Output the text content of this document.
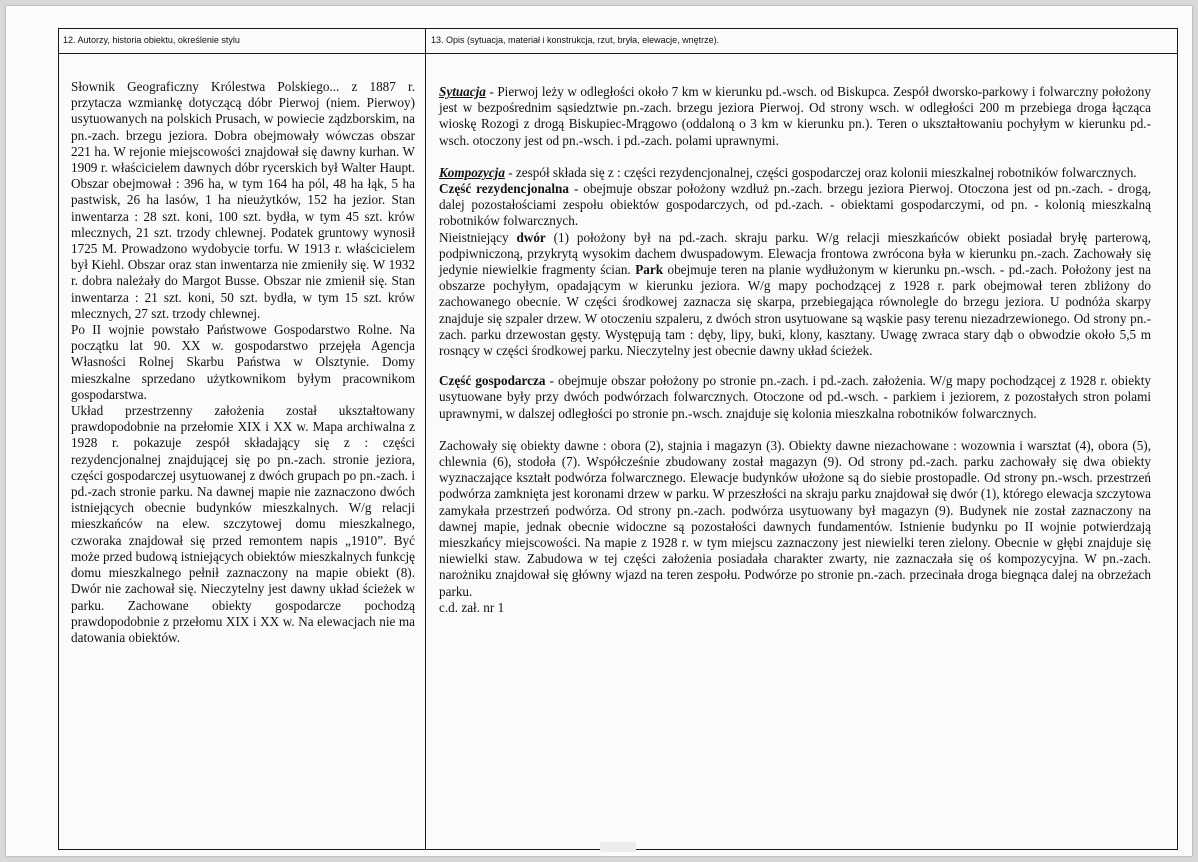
12. Autorzy, historia obiektu, określenie stylu	13. Opis (sytuacja, materiał i konstrukcja, rzut, bryła, elewacje, wnętrze).

Słownik Geograficzny Królestwa Polskiego... z 1887 r. przytacza wzmiankę dotyczącą dóbr Pierwoj (niem. Pierwoy) usytuowanych na polskich Prusach, w powiecie ządzborskim, na pn.-zach. brzegu jeziora. Dobra obejmowały wówczas obszar 221 ha. W rejonie miejscowości znajdował się dawny kurhan. W 1909 r. właścicielem dawnych dóbr rycerskich był Walter Haupt. Obszar obejmował : 396 ha, w tym 164 ha pól, 48 ha łąk, 5 ha pastwisk, 26 ha lasów, 1 ha nieużytków, 152 ha jezior. Stan inwentarza : 28 szt. koni, 100 szt. bydła, w tym 45 szt. krów mlecznych, 21 szt. trzody chlewnej. Podatek gruntowy wynosił 1725 M. Prowadzono wydobycie torfu. W 1913 r. właścicielem był Kiehl. Obszar oraz stan inwentarza nie zmieniły się. W 1932 r. dobra należały do Margot Busse. Obszar nie zmienił się. Stan inwentarza : 21 szt. koni, 50 szt. bydła, w tym 15 szt. krów mlecznych, 27 szt. trzody chlewnej.

Po II wojnie powstało Państwowe Gospodarstwo Rolne. Na początku lat 90. XX w. gospodarstwo przejęła Agencja Własności Rolnej Skarbu Państwa w Olsztynie. Domy mieszkalne sprzedano użytkownikom byłym pracownikom gospodarstwa.

Układ przestrzenny założenia został ukształtowany prawdopodobnie na przełomie XIX i XX w. Mapa archiwalna z 1928 r. pokazuje zespół składający się z : części rezydencjonalnej znajdującej się po pn.-zach. stronie jeziora, części gospodarczej usytuowanej z dwóch grupach po pn.-zach. i pd.-zach stronie parku. Na dawnej mapie nie zaznaczono dwóch istniejących obecnie budynków mieszkalnych. W/g relacji mieszkańców na elew. szczytowej domu mieszkalnego, czworaka znajdował się przed remontem napis „1910”. Być może przed budową istniejących obiektów mieszkalnych funkcję domu mieszkalnego pełnił zaznaczony na mapie obiekt (8). Dwór nie zachował się. Nieczytelny jest dawny układ ścieżek w parku. Zachowane obiekty gospodarcze pochodzą prawdopodobnie z przełomu XIX i XX w. Na elewacjach nie ma datowania obiektów.

Sytuacja - Pierwoj leży w odległości około 7 km w kierunku pd.-wsch. od Biskupca. Zespół dworsko-parkowy i folwarczny położony jest w bezpośrednim sąsiedztwie pn.-zach. brzegu jeziora Pierwoj. Od strony wsch. w odległości 200 m przebiega droga łącząca wioskę Rozogi z drogą Biskupiec-Mrągowo (oddaloną o 3 km w kierunku pn.). Teren o ukształtowaniu pochyłym w kierunku pd.-wsch. otoczony jest od pn.-wsch. i pd.-zach. polami uprawnymi.

Kompozycja - zespół składa się z : części rezydencjonalnej, części gospodarczej oraz kolonii mieszkalnej robotników folwarcznych.

Część rezydencjonalna - obejmuje obszar położony wzdłuż pn.-zach. brzegu jeziora Pierwoj. Otoczona jest od pn.-zach. - drogą, dalej pozostałościami zespołu obiektów gospodarczych, od pd.-zach. - obiektami gospodarczymi, od pn. - kolonią mieszkalną robotników folwarcznych.

Nieistniejący dwór (1) położony był na pd.-zach. skraju parku. W/g relacji mieszkańców obiekt posiadał bryłę parterową, podpiwniczoną, przykrytą wysokim dachem dwuspadowym. Elewacja frontowa zwrócona była w kierunku pn.-zach. Zachowały się jedynie niewielkie fragmenty ścian. Park obejmuje teren na planie wydłużonym w kierunku pn.-wsch. - pd.-zach. Położony jest na obszarze pochyłym, opadającym w kierunku jeziora. W/g mapy pochodzącej z 1928 r. park obejmował teren zbliżony do zachowanego obecnie. W części środkowej zaznacza się skarpa, przebiegająca równolegle do brzegu jeziora. U podnóża skarpy znajduje się szpaler drzew. W otoczeniu szpaleru, z dwóch stron usytuowane są wąskie pasy terenu niezadrzewionego. Od strony pn.-zach. parku drzewostan gęsty. Występują tam : dęby, lipy, buki, klony, kasztany. Uwagę zwraca stary dąb o obwodzie około 5,5 m rosnący w części środkowej parku. Nieczytelny jest obecnie dawny układ ścieżek.

Część gospodarcza - obejmuje obszar położony po stronie pn.-zach. i pd.-zach. założenia. W/g mapy pochodzącej z 1928 r. obiekty usytuowane były przy dwóch podwórzach folwarcznych. Otoczone od pd.-wsch. - parkiem i jeziorem, z pozostałych stron polami uprawnymi, w dalszej odległości po stronie pn.-wsch. znajduje się kolonia mieszkalna robotników folwarcznych.

Zachowały się obiekty dawne : obora (2), stajnia i magazyn (3). Obiekty dawne niezachowane : wozownia i warsztat (4), obora (5), chlewnia (6), stodoła (7). Współcześnie zbudowany został magazyn (9). Od strony pd.-zach. parku zachowały się dwa obiekty wyznaczające kształt podwórza folwarcznego. Elewacje budynków ułożone są do siebie prostopadle. Od strony pn.-wsch. przestrzeń podwórza zamknięta jest koronami drzew w parku. W przeszłości na skraju parku znajdował się dwór (1), którego elewacja szczytowa zamykała przestrzeń podwórza. Od strony pn.-zach. podwórza usytuowany był magazyn (9). Budynek nie został zaznaczony na dawnej mapie, jednak obecnie widoczne są pozostałości dawnych fundamentów. Istnienie budynku po II wojnie potwierdzają mieszkańcy miejscowości. Na mapie z 1928 r. w tym miejscu zaznaczony jest niewielki teren zielony. Obecnie w głębi znajduje się niewielki staw. Zabudowa w tej części założenia posiadała charakter zwarty, nie zaznaczała się oś kompozycyjna. W pn.-zach. narożniku znajdował się główny wjazd na teren zespołu. Podwórze po stronie pn.-zach. przecinała droga biegnąca dalej na obrzeżach parku.

c.d. zał. nr 1
